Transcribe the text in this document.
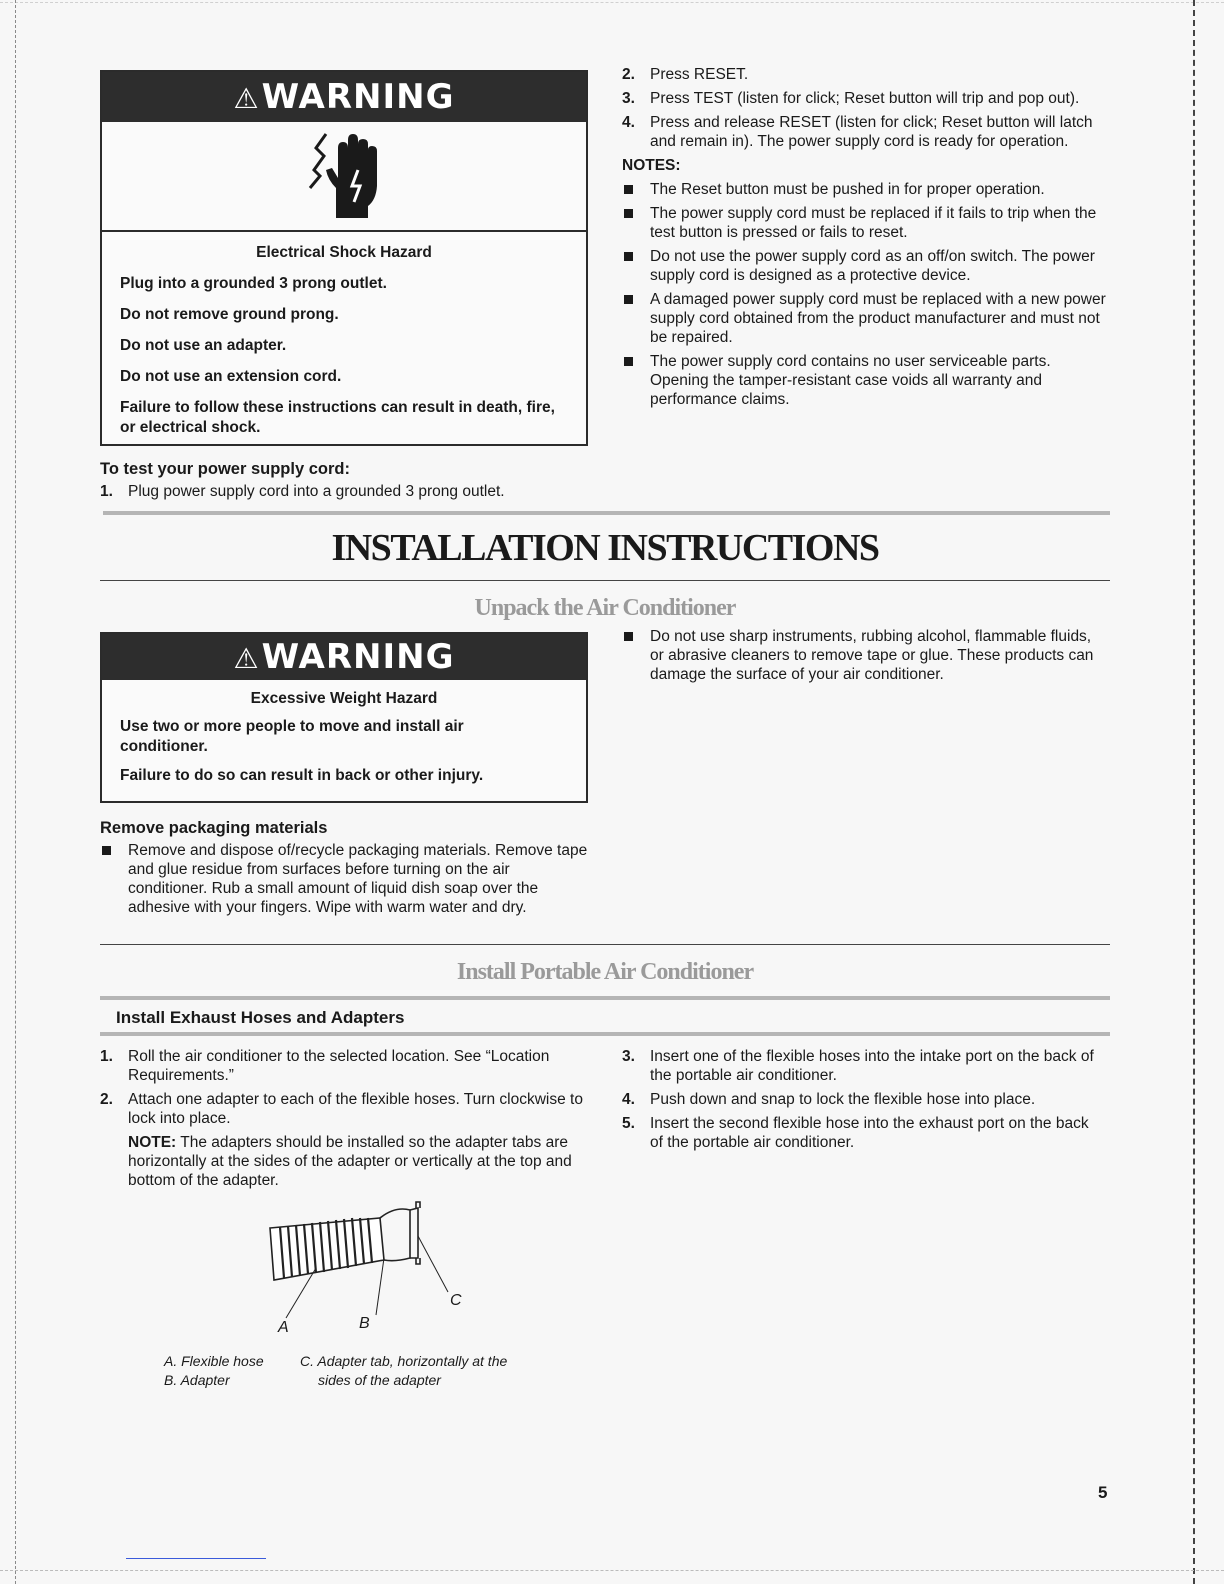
⚠WARNING
Electrical Shock Hazard
Plug into a grounded 3 prong outlet.
Do not remove ground prong.
Do not use an adapter.
Do not use an extension cord.
Failure to follow these instructions can result in death, fire, or electrical shock.
To test your power supply cord:
1. Plug power supply cord into a grounded 3 prong outlet.
2. Press RESET.
3. Press TEST (listen for click; Reset button will trip and pop out).
4. Press and release RESET (listen for click; Reset button will latch and remain in). The power supply cord is ready for operation.
NOTES:
The Reset button must be pushed in for proper operation.
The power supply cord must be replaced if it fails to trip when the test button is pressed or fails to reset.
Do not use the power supply cord as an off/on switch. The power supply cord is designed as a protective device.
A damaged power supply cord must be replaced with a new power supply cord obtained from the product manufacturer and must not be repaired.
The power supply cord contains no user serviceable parts. Opening the tamper-resistant case voids all warranty and performance claims.
INSTALLATION INSTRUCTIONS
Unpack the Air Conditioner
⚠WARNING
Excessive Weight Hazard
Use two or more people to move and install air conditioner.
Failure to do so can result in back or other injury.
Do not use sharp instruments, rubbing alcohol, flammable fluids, or abrasive cleaners to remove tape or glue. These products can damage the surface of your air conditioner.
Remove packaging materials
Remove and dispose of/recycle packaging materials. Remove tape and glue residue from surfaces before turning on the air conditioner. Rub a small amount of liquid dish soap over the adhesive with your fingers. Wipe with warm water and dry.
Install Portable Air Conditioner
Install Exhaust Hoses and Adapters
1. Roll the air conditioner to the selected location. See “Location Requirements.”
2. Attach one adapter to each of the flexible hoses. Turn clockwise to lock into place.
NOTE: The adapters should be installed so the adapter tabs are horizontally at the sides of the adapter or vertically at the top and bottom of the adapter.
3. Insert one of the flexible hoses into the intake port on the back of the portable air conditioner.
4. Push down and snap to lock the flexible hose into place.
5. Insert the second flexible hose into the exhaust port on the back of the portable air conditioner.
A	B
C
A. Flexible hose
B. Adapter
C. Adapter tab, horizontally at the
sides of the adapter
5
